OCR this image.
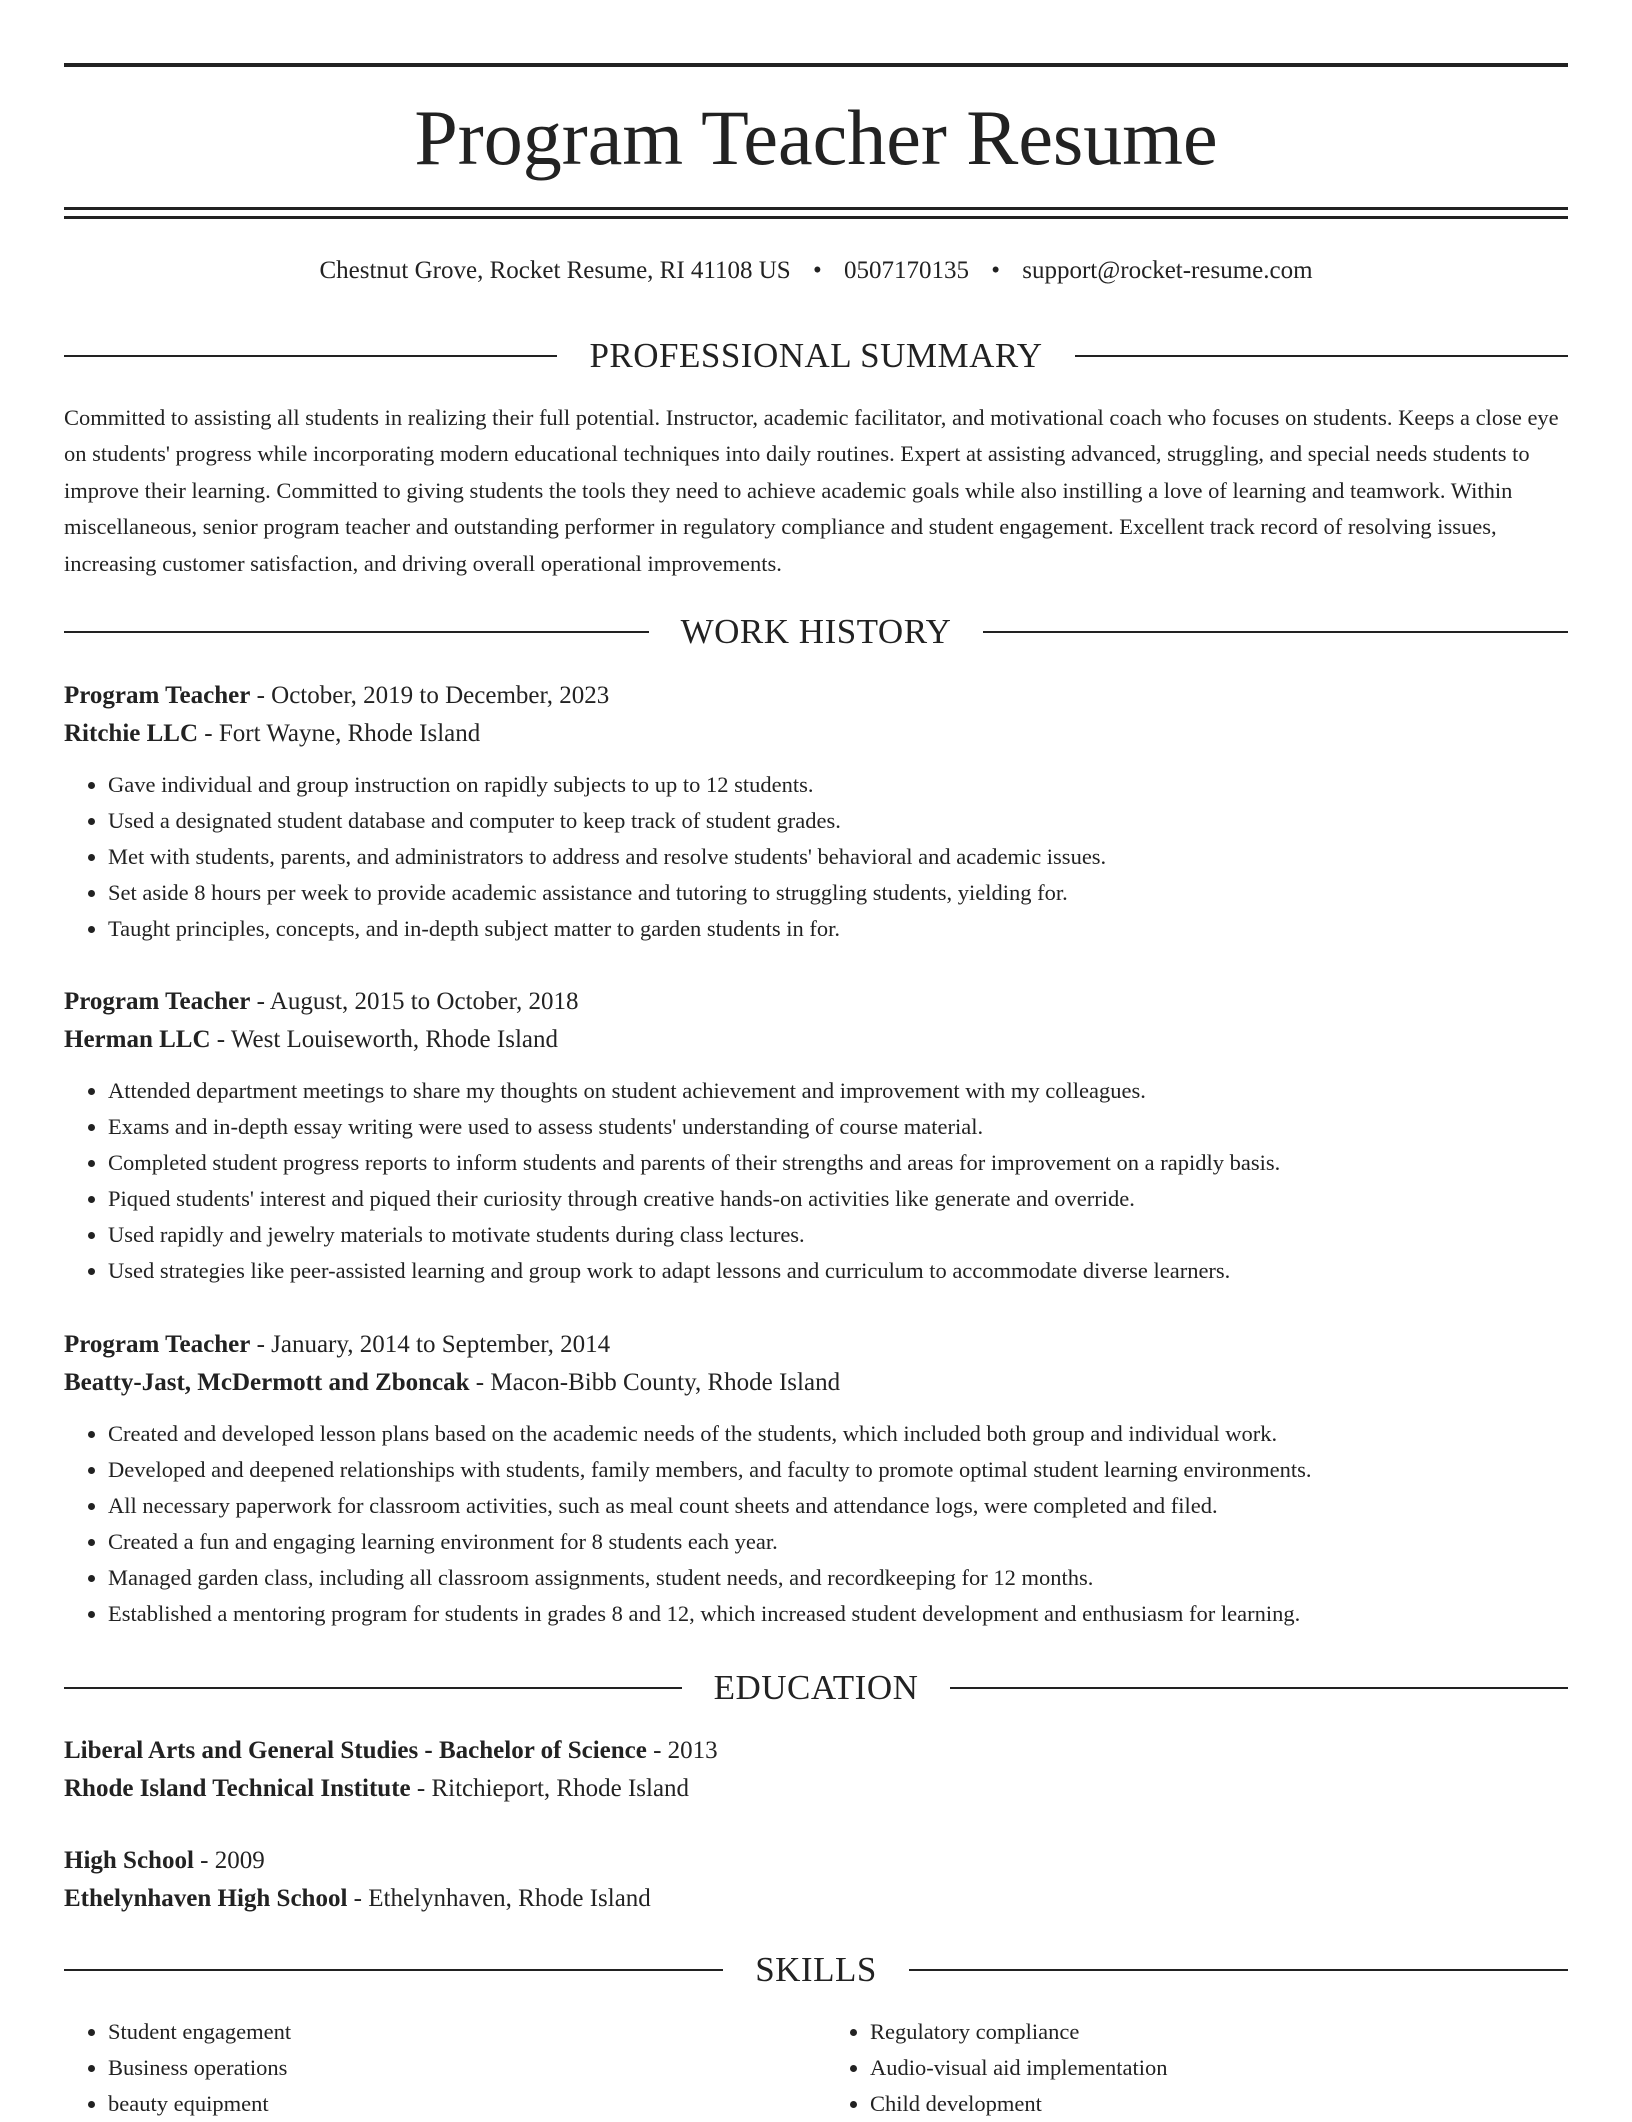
Program Teacher Resume
Chestnut Grove, Rocket Resume, RI 41108 US • 0507170135 • support@rocket-resume.com
PROFESSIONAL SUMMARY

Committed to assisting all students in realizing their full potential. Instructor, academic facilitator, and motivational coach who focuses on students. Keeps a close eye on students' progress while incorporating modern educational techniques into daily routines. Expert at assisting advanced, struggling, and special needs students to improve their learning. Committed to giving students the tools they need to achieve academic goals while also instilling a love of learning and teamwork. Within miscellaneous, senior program teacher and outstanding performer in regulatory compliance and student engagement. Excellent track record of resolving issues, increasing customer satisfaction, and driving overall operational improvements.

WORK HISTORY
Program Teacher - October, 2019 to December, 2023
Ritchie LLC - Fort Wayne, Rhode Island
• Gave individual and group instruction on rapidly subjects to up to 12 students.
• Used a designated student database and computer to keep track of student grades.
• Met with students, parents, and administrators to address and resolve students' behavioral and academic issues.
• Set aside 8 hours per week to provide academic assistance and tutoring to struggling students, yielding for.
• Taught principles, concepts, and in-depth subject matter to garden students in for.
Program Teacher - August, 2015 to October, 2018
Herman LLC - West Louiseworth, Rhode Island
• Attended department meetings to share my thoughts on student achievement and improvement with my colleagues.
• Exams and in-depth essay writing were used to assess students' understanding of course material.
• Completed student progress reports to inform students and parents of their strengths and areas for improvement on a rapidly basis.
• Piqued students' interest and piqued their curiosity through creative hands-on activities like generate and override.
• Used rapidly and jewelry materials to motivate students during class lectures.
• Used strategies like peer-assisted learning and group work to adapt lessons and curriculum to accommodate diverse learners.
Program Teacher - January, 2014 to September, 2014
Beatty-Jast, McDermott and Zboncak - Macon-Bibb County, Rhode Island
• Created and developed lesson plans based on the academic needs of the students, which included both group and individual work.
• Developed and deepened relationships with students, family members, and faculty to promote optimal student learning environments.
• All necessary paperwork for classroom activities, such as meal count sheets and attendance logs, were completed and filed.
• Created a fun and engaging learning environment for 8 students each year.
• Managed garden class, including all classroom assignments, student needs, and recordkeeping for 12 months.
• Established a mentoring program for students in grades 8 and 12, which increased student development and enthusiasm for learning.
EDUCATION
Liberal Arts and General Studies - Bachelor of Science - 2013
Rhode Island Technical Institute - Ritchieport, Rhode Island
High School - 2009
Ethelynhaven High School - Ethelynhaven, Rhode Island
SKILLS
• Student engagement
• Business operations
• beauty equipment
• Regulatory compliance
• Audio-visual aid implementation
• Child development
